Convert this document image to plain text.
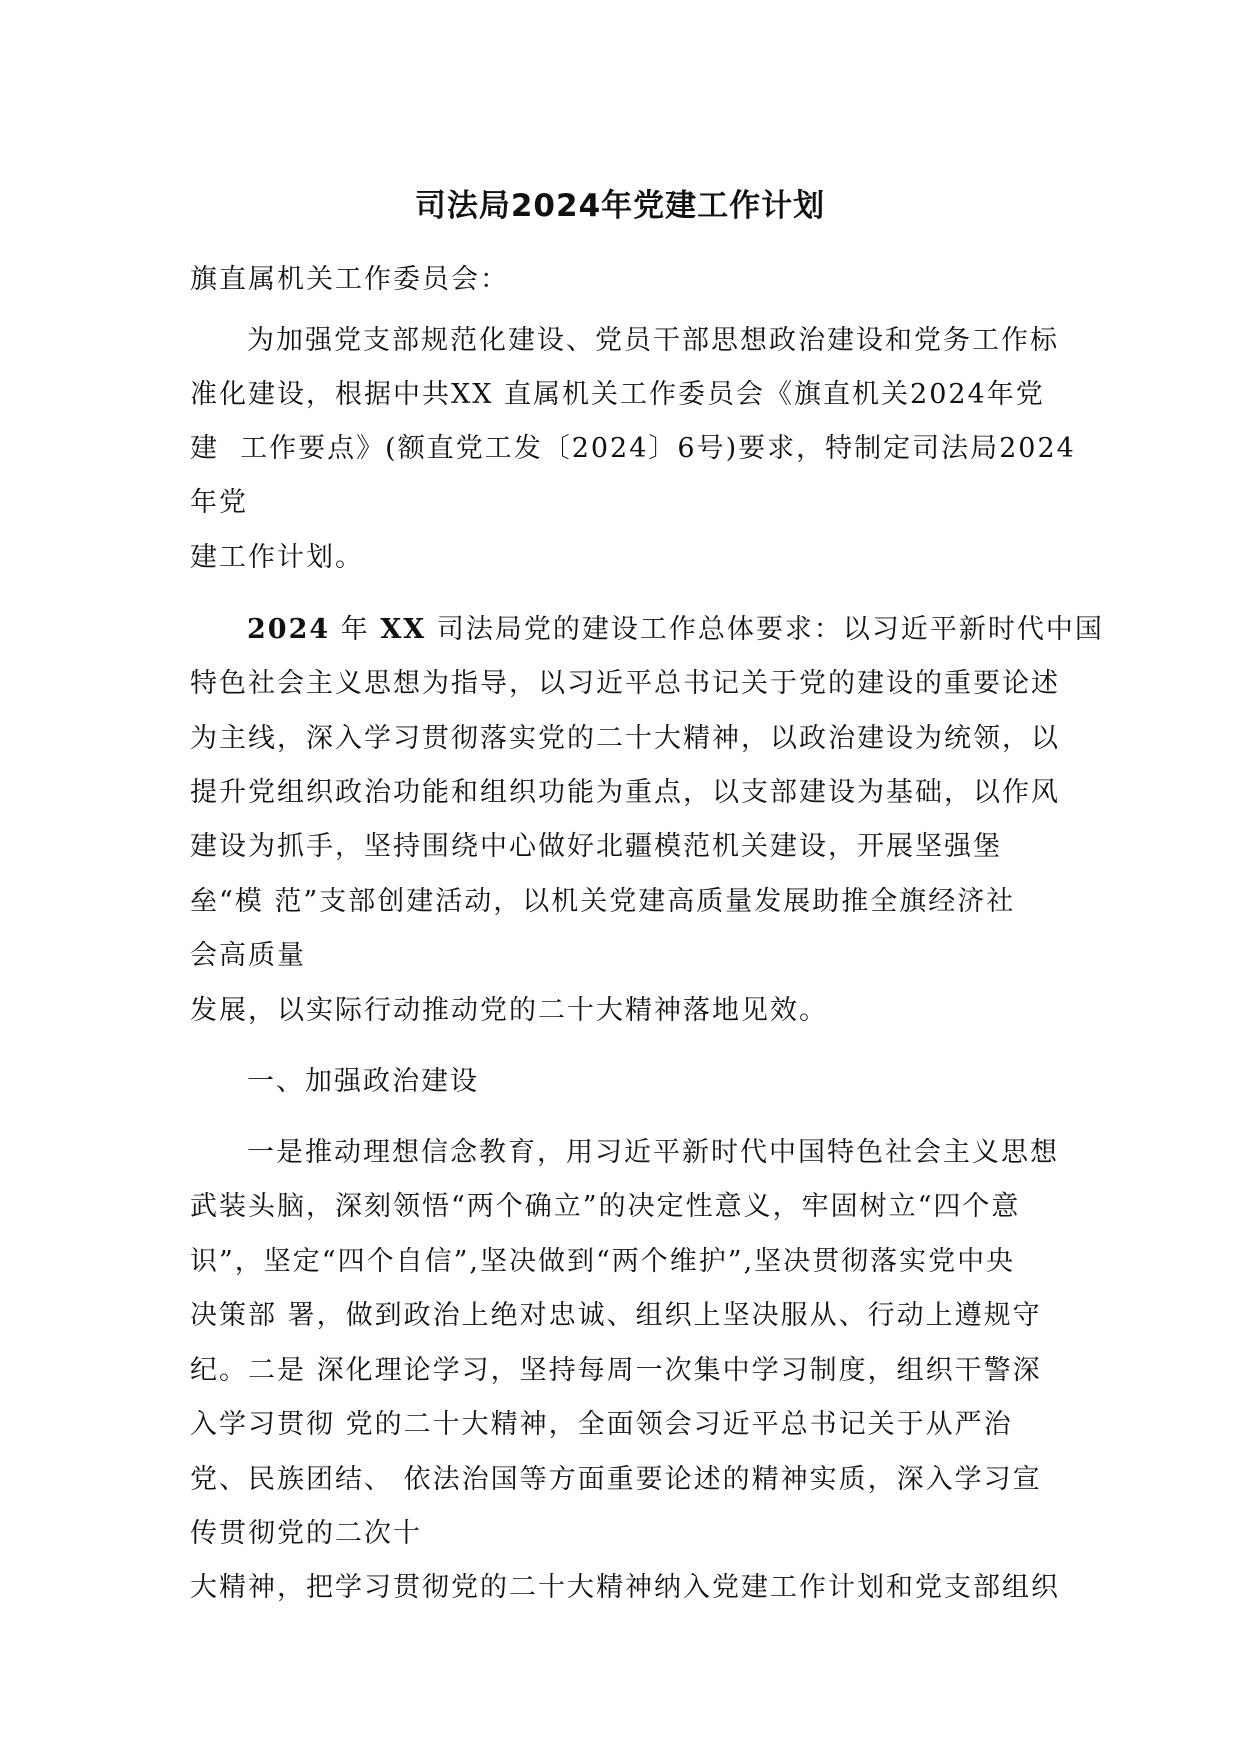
司法局2024年党建工作计划
旗直属机关工作委员会：
为加强党支部规范化建设、党员干部思想政治建设和党务工作标
准化建设，根据中共XX 直属机关工作委员会《旗直机关2024年党
建  工作要点》(额直党工发〔2024〕6号)要求，特制定司法局2024
年党
建工作计划。
2024 年 XX 司法局党的建设工作总体要求：以习近平新时代中国
特色社会主义思想为指导，以习近平总书记关于党的建设的重要论述
为主线，深入学习贯彻落实党的二十大精神，以政治建设为统领，以
提升党组织政治功能和组织功能为重点，以支部建设为基础，以作风
建设为抓手，坚持围绕中心做好北疆模范机关建设，开展坚强堡
垒“模 范”支部创建活动，以机关党建高质量发展助推全旗经济社
会高质量
发展，以实际行动推动党的二十大精神落地见效。
一、加强政治建设
一是推动理想信念教育，用习近平新时代中国特色社会主义思想
武装头脑，深刻领悟“两个确立”的决定性意义，牢固树立“四个意
识”，坚定“四个自信”,坚决做到“两个维护”,坚决贯彻落实党中央
决策部 署，做到政治上绝对忠诚、组织上坚决服从、行动上遵规守
纪。二是 深化理论学习，坚持每周一次集中学习制度，组织干警深
入学习贯彻 党的二十大精神，全面领会习近平总书记关于从严治
党、民族团结、 依法治国等方面重要论述的精神实质，深入学习宣
传贯彻党的二次十
大精神，把学习贯彻党的二十大精神纳入党建工作计划和党支部组织
